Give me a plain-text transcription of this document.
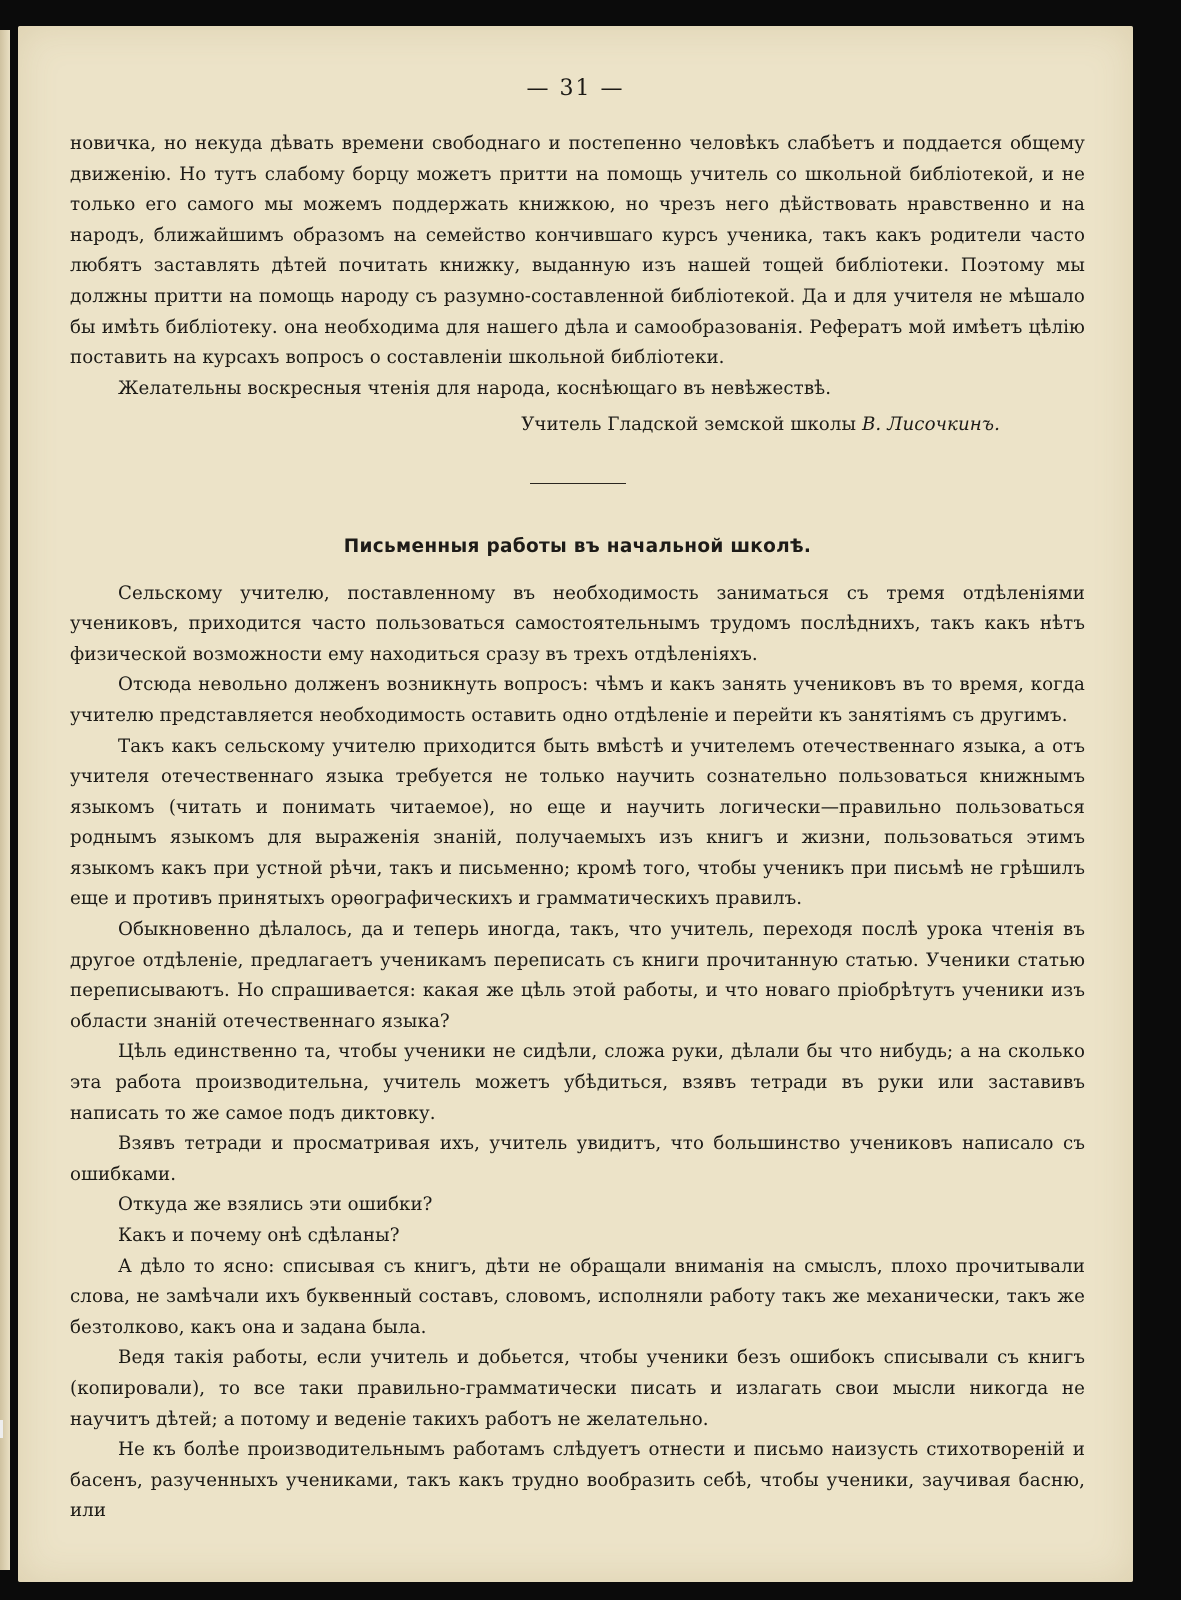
— 31 —

новичка, но некуда дѣвать времени свободнаго и постепенно человѣкъ слабѣетъ и поддается общему движенію. Но тутъ слабому борцу можетъ притти на помощь учитель со школьной библіотекой, и не только его самого мы можемъ поддержать книжкою, но чрезъ него дѣйствовать нравственно и на народъ, ближайшимъ образомъ на семейство кончившаго курсъ ученика, такъ какъ родители часто любятъ заставлять дѣтей почитать книжку, выданную изъ нашей тощей библіотеки. Поэтому мы должны притти на помощь народу съ разумно-составленной библіотекой. Да и для учителя не мѣшало бы имѣть библіотеку. она необходима для нашего дѣла и самообразованія. Рефератъ мой имѣетъ цѣлію поставить на курсахъ вопросъ о составленіи школьной библіотеки.

Желательны воскресныя чтенія для народа, коснѣющаго въ невѣжествѣ.

Учитель Гладской земской школы В. Лисочкинъ.

Письменныя работы въ начальной школѣ.

Сельскому учителю, поставленному въ необходимость заниматься съ тремя отдѣленіями учениковъ, приходится часто пользоваться самостоятельнымъ трудомъ послѣднихъ, такъ какъ нѣтъ физической возможности ему находиться сразу въ трехъ отдѣленіяхъ.

Отсюда невольно долженъ возникнуть вопросъ: чѣмъ и какъ занять учениковъ въ то время, когда учителю представляется необходимость оставить одно отдѣленіе и перейти къ занятіямъ съ другимъ.

Такъ какъ сельскому учителю приходится быть вмѣстѣ и учителемъ отечественнаго языка, а отъ учителя отечественнаго языка требуется не только научить сознательно пользоваться книжнымъ языкомъ (читать и понимать читаемое), но еще и научить логически—правильно пользоваться роднымъ языкомъ для выраженія знаній, получаемыхъ изъ книгъ и жизни, пользоваться этимъ языкомъ какъ при устной рѣчи, такъ и письменно; кромѣ того, чтобы ученикъ при письмѣ не грѣшилъ еще и противъ принятыхъ орѳографическихъ и грамматическихъ правилъ.

Обыкновенно дѣлалось, да и теперь иногда, такъ, что учитель, переходя послѣ урока чтенія въ другое отдѣленіе, предлагаетъ ученикамъ переписать съ книги прочитанную статью. Ученики статью переписываютъ. Но спрашивается: какая же цѣль этой работы, и что новаго пріобрѣтутъ ученики изъ области знаній отечественнаго языка?

Цѣль единственно та, чтобы ученики не сидѣли, сложа руки, дѣлали бы что нибудь; а на сколько эта работа производительна, учитель можетъ убѣдиться, взявъ тетради въ руки или заставивъ написать то же самое подъ диктовку.

Взявъ тетради и просматривая ихъ, учитель увидитъ, что большинство учениковъ написало съ ошибками.

Откуда же взялись эти ошибки?

Какъ и почему онѣ сдѣланы?

А дѣло то ясно: списывая съ книгъ, дѣти не обращали вниманія на смыслъ, плохо прочитывали слова, не замѣчали ихъ буквенный составъ, словомъ, исполняли работу такъ же механически, такъ же безтолково, какъ она и задана была.

Ведя такія работы, если учитель и добьется, чтобы ученики безъ ошибокъ списывали съ книгъ (копировали), то все таки правильно-грамматически писать и излагать свои мысли никогда не научитъ дѣтей; а потому и веденіе такихъ работъ не желательно.

Не къ болѣе производительнымъ работамъ слѣдуетъ отнести и письмо наизусть стихотвореній и басенъ, разученныхъ учениками, такъ какъ трудно вообразить себѣ, чтобы ученики, заучивая басню, или
